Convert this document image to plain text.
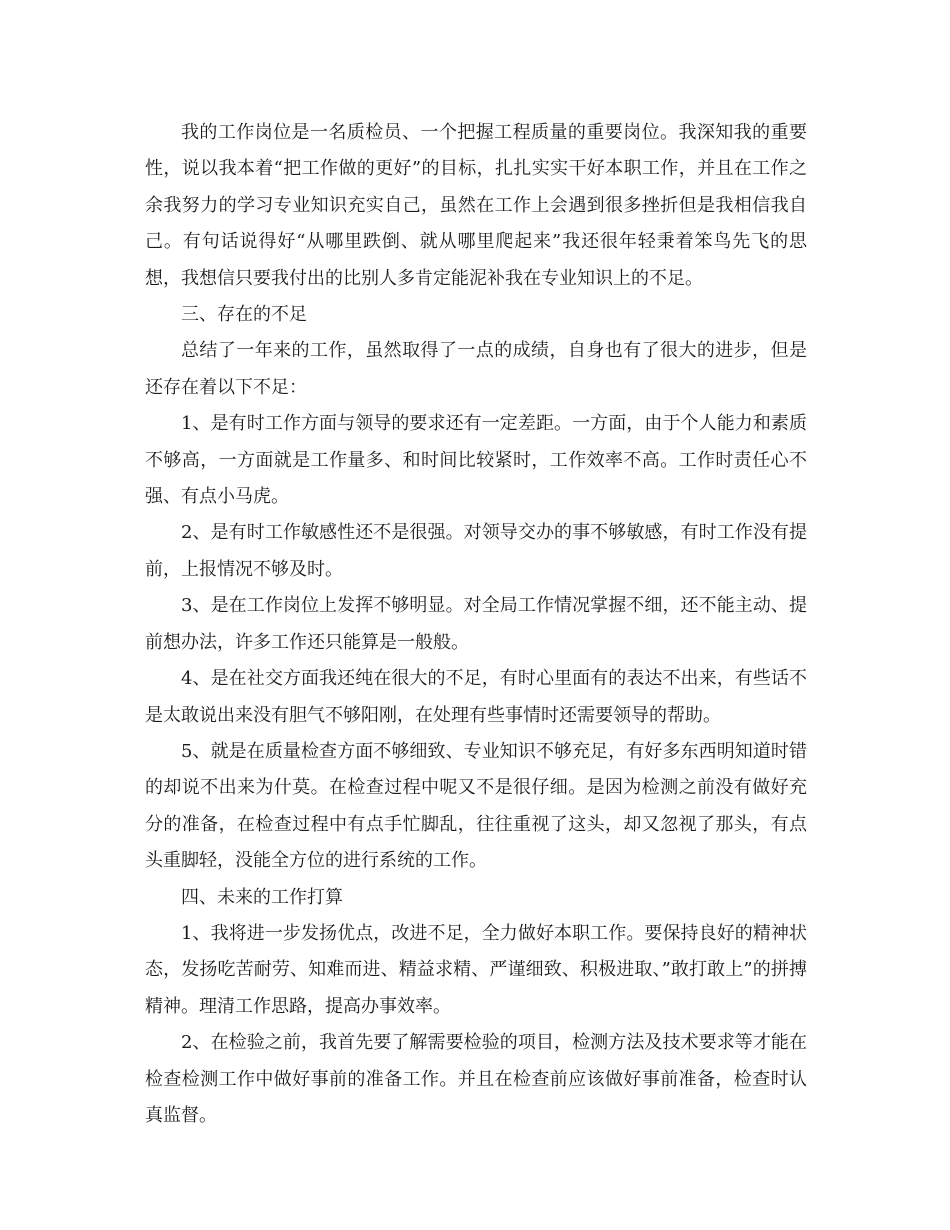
我的工作岗位是一名质检员、一个把握工程质量的重要岗位。我深知我的重要性，说以我本着“把工作做的更好”的目标，扎扎实实干好本职工作，并且在工作之余我努力的学习专业知识充实自己，虽然在工作上会遇到很多挫折但是我相信我自己。有句话说得好“从哪里跌倒、就从哪里爬起来”我还很年轻秉着笨鸟先飞的思想，我想信只要我付出的比别人多肯定能泥补我在专业知识上的不足。

三、存在的不足

总结了一年来的工作，虽然取得了一点的成绩，自身也有了很大的进步，但是还存在着以下不足：

1、是有时工作方面与领导的要求还有一定差距。一方面，由于个人能力和素质不够高，一方面就是工作量多、和时间比较紧时，工作效率不高。工作时责任心不强、有点小马虎。

2、是有时工作敏感性还不是很强。对领导交办的事不够敏感，有时工作没有提前，上报情况不够及时。

3、是在工作岗位上发挥不够明显。对全局工作情况掌握不细，还不能主动、提前想办法，许多工作还只能算是一般般。

4、是在社交方面我还纯在很大的不足，有时心里面有的表达不出来，有些话不是太敢说出来没有胆气不够阳刚，在处理有些事情时还需要领导的帮助。

5、就是在质量检查方面不够细致、专业知识不够充足，有好多东西明知道时错的却说不出来为什莫。在检查过程中呢又不是很仔细。是因为检测之前没有做好充分的准备，在检查过程中有点手忙脚乱，往往重视了这头，却又忽视了那头，有点头重脚轻，没能全方位的进行系统的工作。

四、未来的工作打算

1、我将进一步发扬优点，改进不足，全力做好本职工作。要保持良好的精神状态，发扬吃苦耐劳、知难而进、精益求精、严谨细致、积极进取、”敢打敢上”的拼搏精神。理清工作思路，提高办事效率。

2、在检验之前，我首先要了解需要检验的项目，检测方法及技术要求等才能在检查检测工作中做好事前的准备工作。并且在检查前应该做好事前准备，检查时认真监督。
